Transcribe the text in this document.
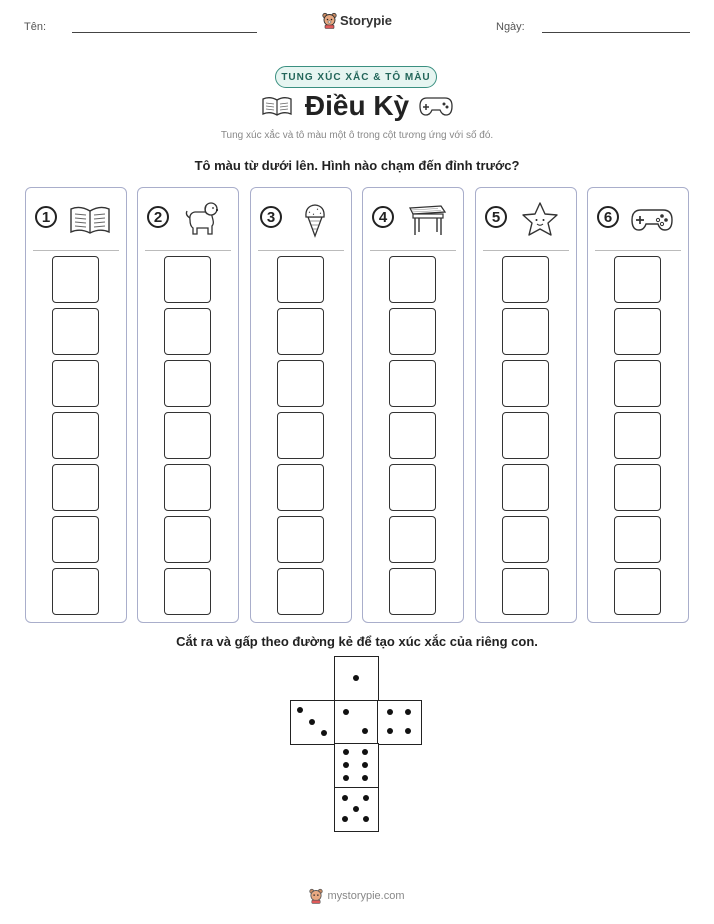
Tên:	Storypie	Ngày:
TUNG XÚC XẮC & TÔ MÀU
Điều Kỳ
Tung xúc xắc và tô màu một ô trong cột tương ứng với số đó.
Tô màu từ dưới lên. Hình nào chạm đến đỉnh trước?
1	2	3	4	5	6
Cắt ra và gấp theo đường kẻ để tạo xúc xắc của riêng con.
mystorypie.com
